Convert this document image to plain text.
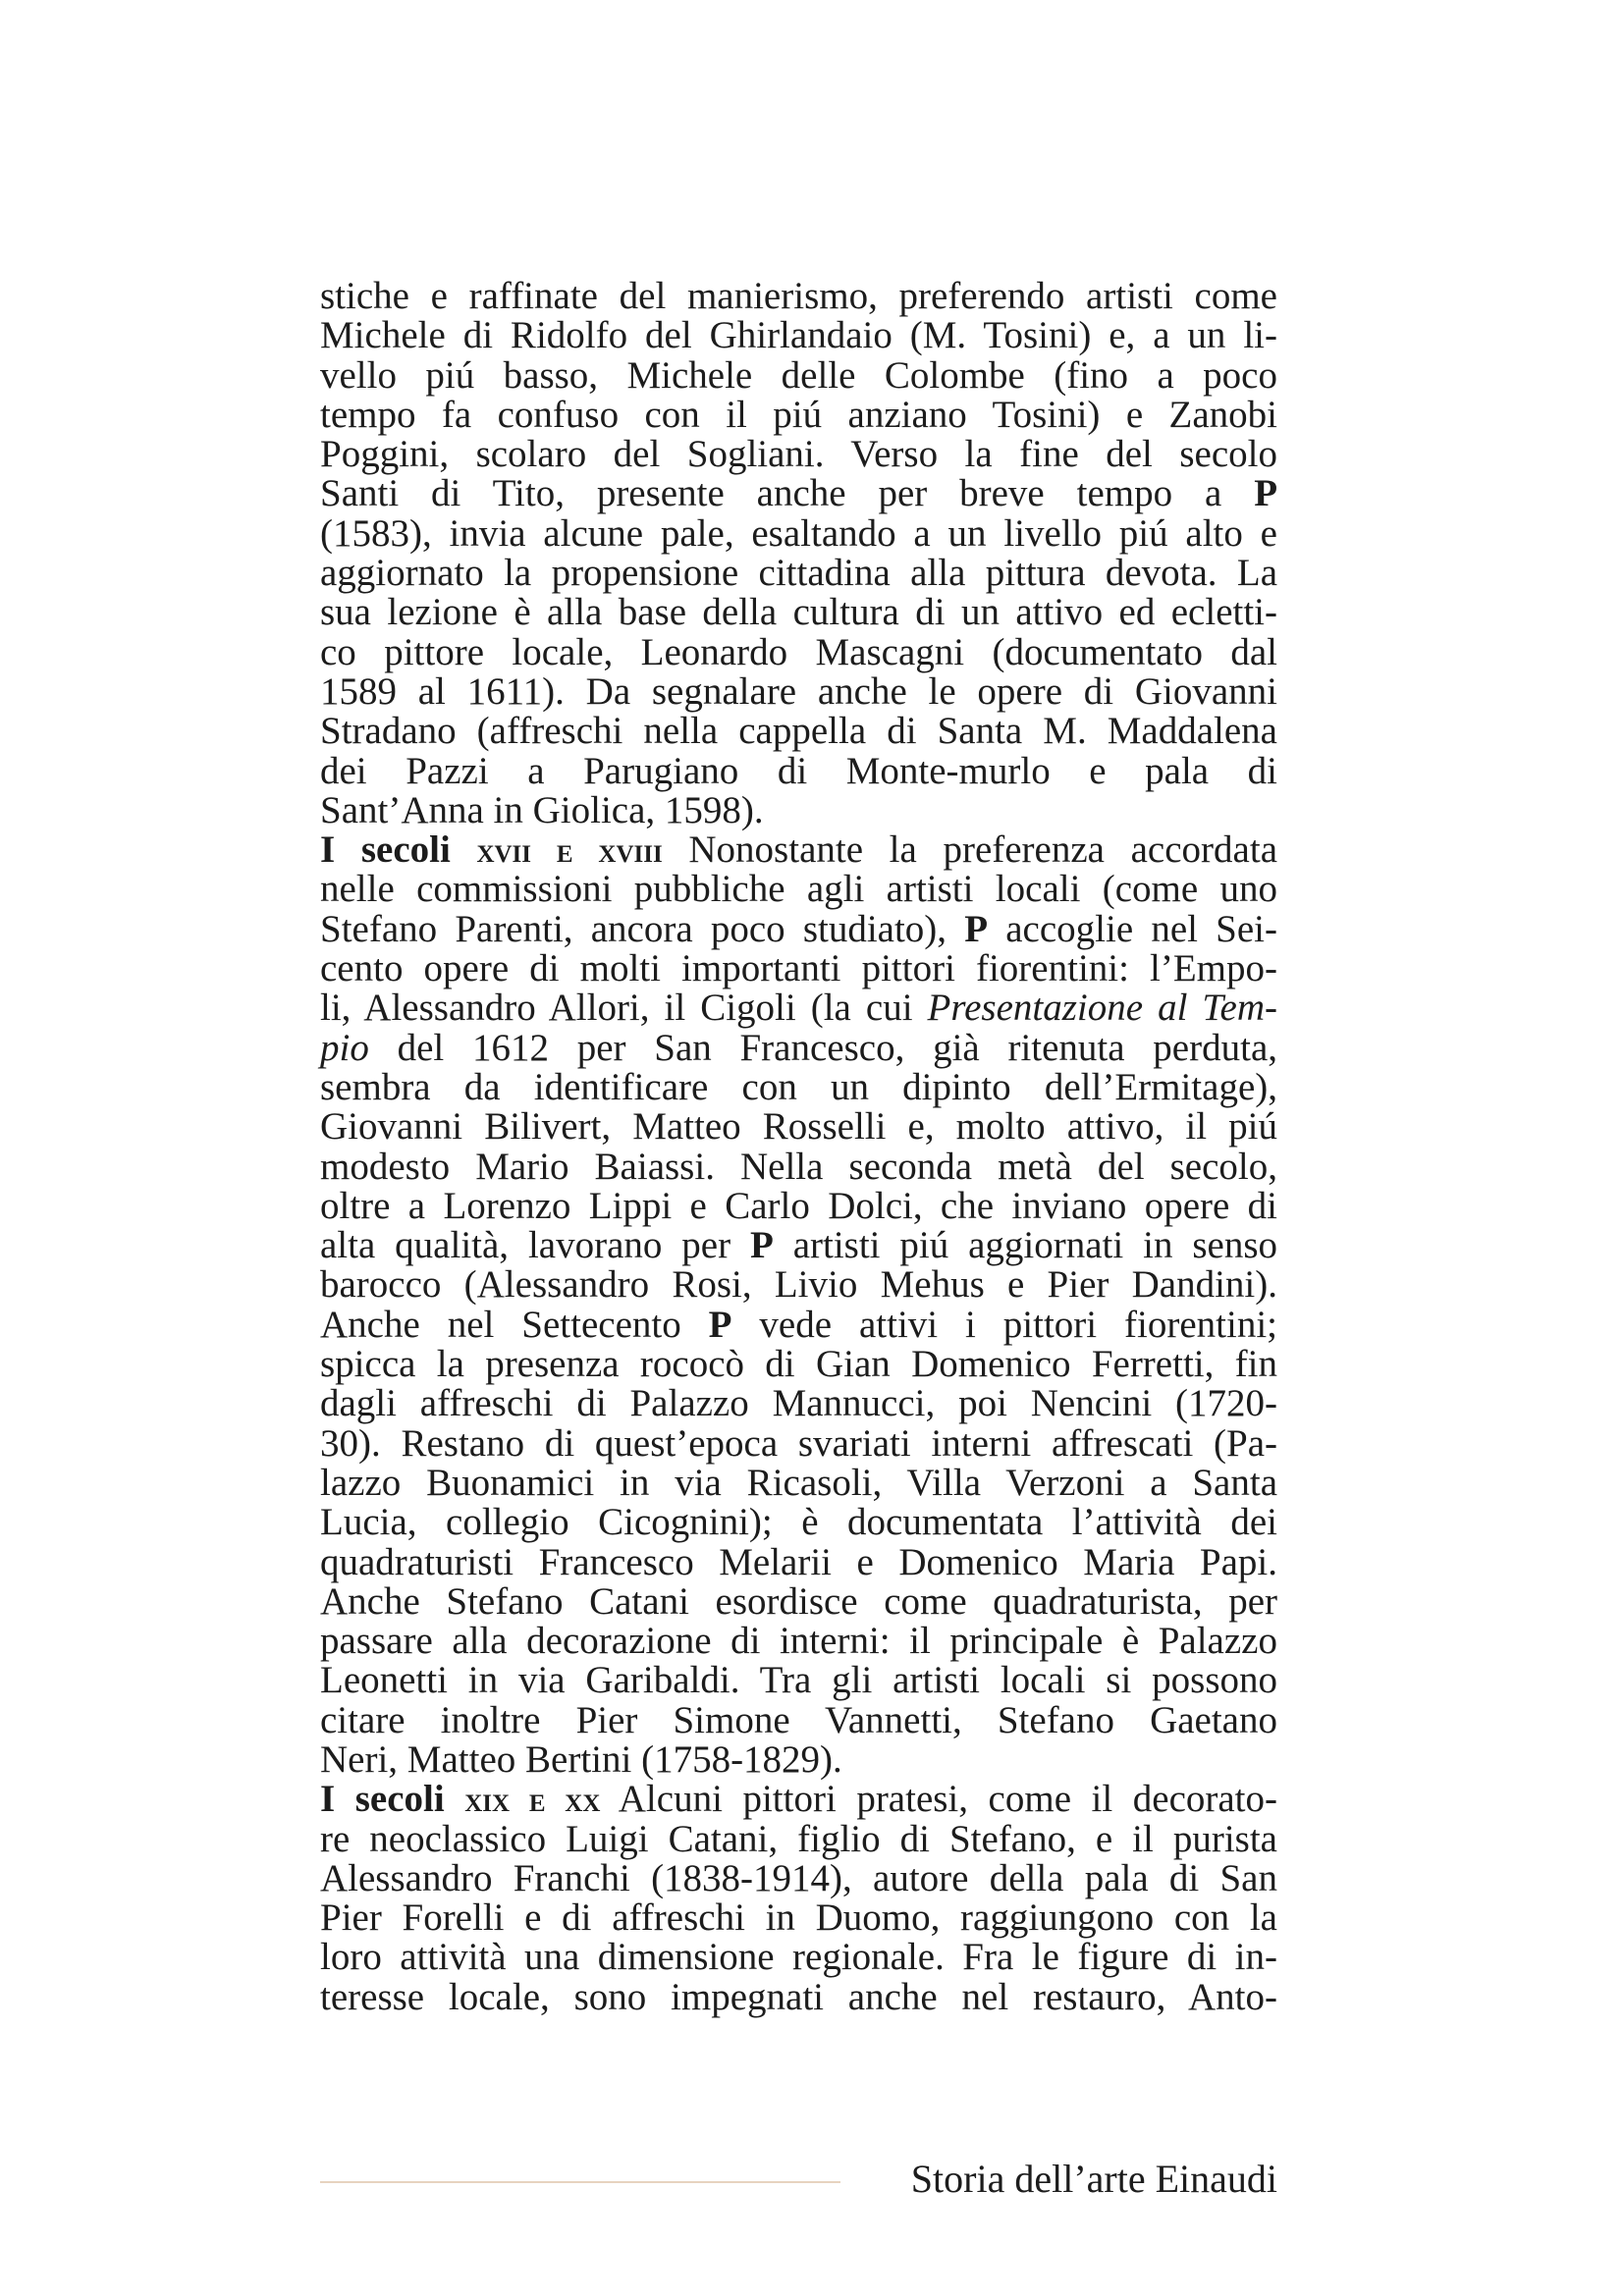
stiche e raffinate del manierismo, preferendo artisti come
Michele di Ridolfo del Ghirlandaio (M. Tosini) e, a un li-
vello piú basso, Michele delle Colombe (fino a poco
tempo fa confuso con il piú anziano Tosini) e Zanobi
Poggini, scolaro del Sogliani. Verso la fine del secolo
Santi di Tito, presente anche per breve tempo a P
(1583), invia alcune pale, esaltando a un livello piú alto e
aggiornato la propensione cittadina alla pittura devota. La
sua lezione è alla base della cultura di un attivo ed ecletti-
co pittore locale, Leonardo Mascagni (documentato dal
1589 al 1611). Da segnalare anche le opere di Giovanni
Stradano (affreschi nella cappella di Santa M. Maddalena
dei Pazzi a Parugiano di Monte-murlo e pala di
Sant’Anna in Giolica, 1598).

I secoli xvii e xviii Nonostante la preferenza accordata
nelle commissioni pubbliche agli artisti locali (come uno
Stefano Parenti, ancora poco studiato), P accoglie nel Sei-
cento opere di molti importanti pittori fiorentini: l’Empo-
li, Alessandro Allori, il Cigoli (la cui Presentazione al Tem-
pio del 1612 per San Francesco, già ritenuta perduta,
sembra da identificare con un dipinto dell’Ermitage),
Giovanni Bilivert, Matteo Rosselli e, molto attivo, il piú
modesto Mario Baiassi. Nella seconda metà del secolo,
oltre a Lorenzo Lippi e Carlo Dolci, che inviano opere di
alta qualità, lavorano per P artisti piú aggiornati in senso
barocco (Alessandro Rosi, Livio Mehus e Pier Dandini).
Anche nel Settecento P vede attivi i pittori fiorentini;
spicca la presenza rococò di Gian Domenico Ferretti, fin
dagli affreschi di Palazzo Mannucci, poi Nencini (1720-
30). Restano di quest’epoca svariati interni affrescati (Pa-
lazzo Buonamici in via Ricasoli, Villa Verzoni a Santa
Lucia, collegio Cicognini); è documentata l’attività dei
quadraturisti Francesco Melarii e Domenico Maria Papi.
Anche Stefano Catani esordisce come quadraturista, per
passare alla decorazione di interni: il principale è Palazzo
Leonetti in via Garibaldi. Tra gli artisti locali si possono
citare inoltre Pier Simone Vannetti, Stefano Gaetano
Neri, Matteo Bertini (1758-1829).

I secoli xix e xx Alcuni pittori pratesi, come il decorato-
re neoclassico Luigi Catani, figlio di Stefano, e il purista
Alessandro Franchi (1838-1914), autore della pala di San
Pier Forelli e di affreschi in Duomo, raggiungono con la
loro attività una dimensione regionale. Fra le figure di in-
teresse locale, sono impegnati anche nel restauro, Anto-

Storia dell’arte Einaudi
